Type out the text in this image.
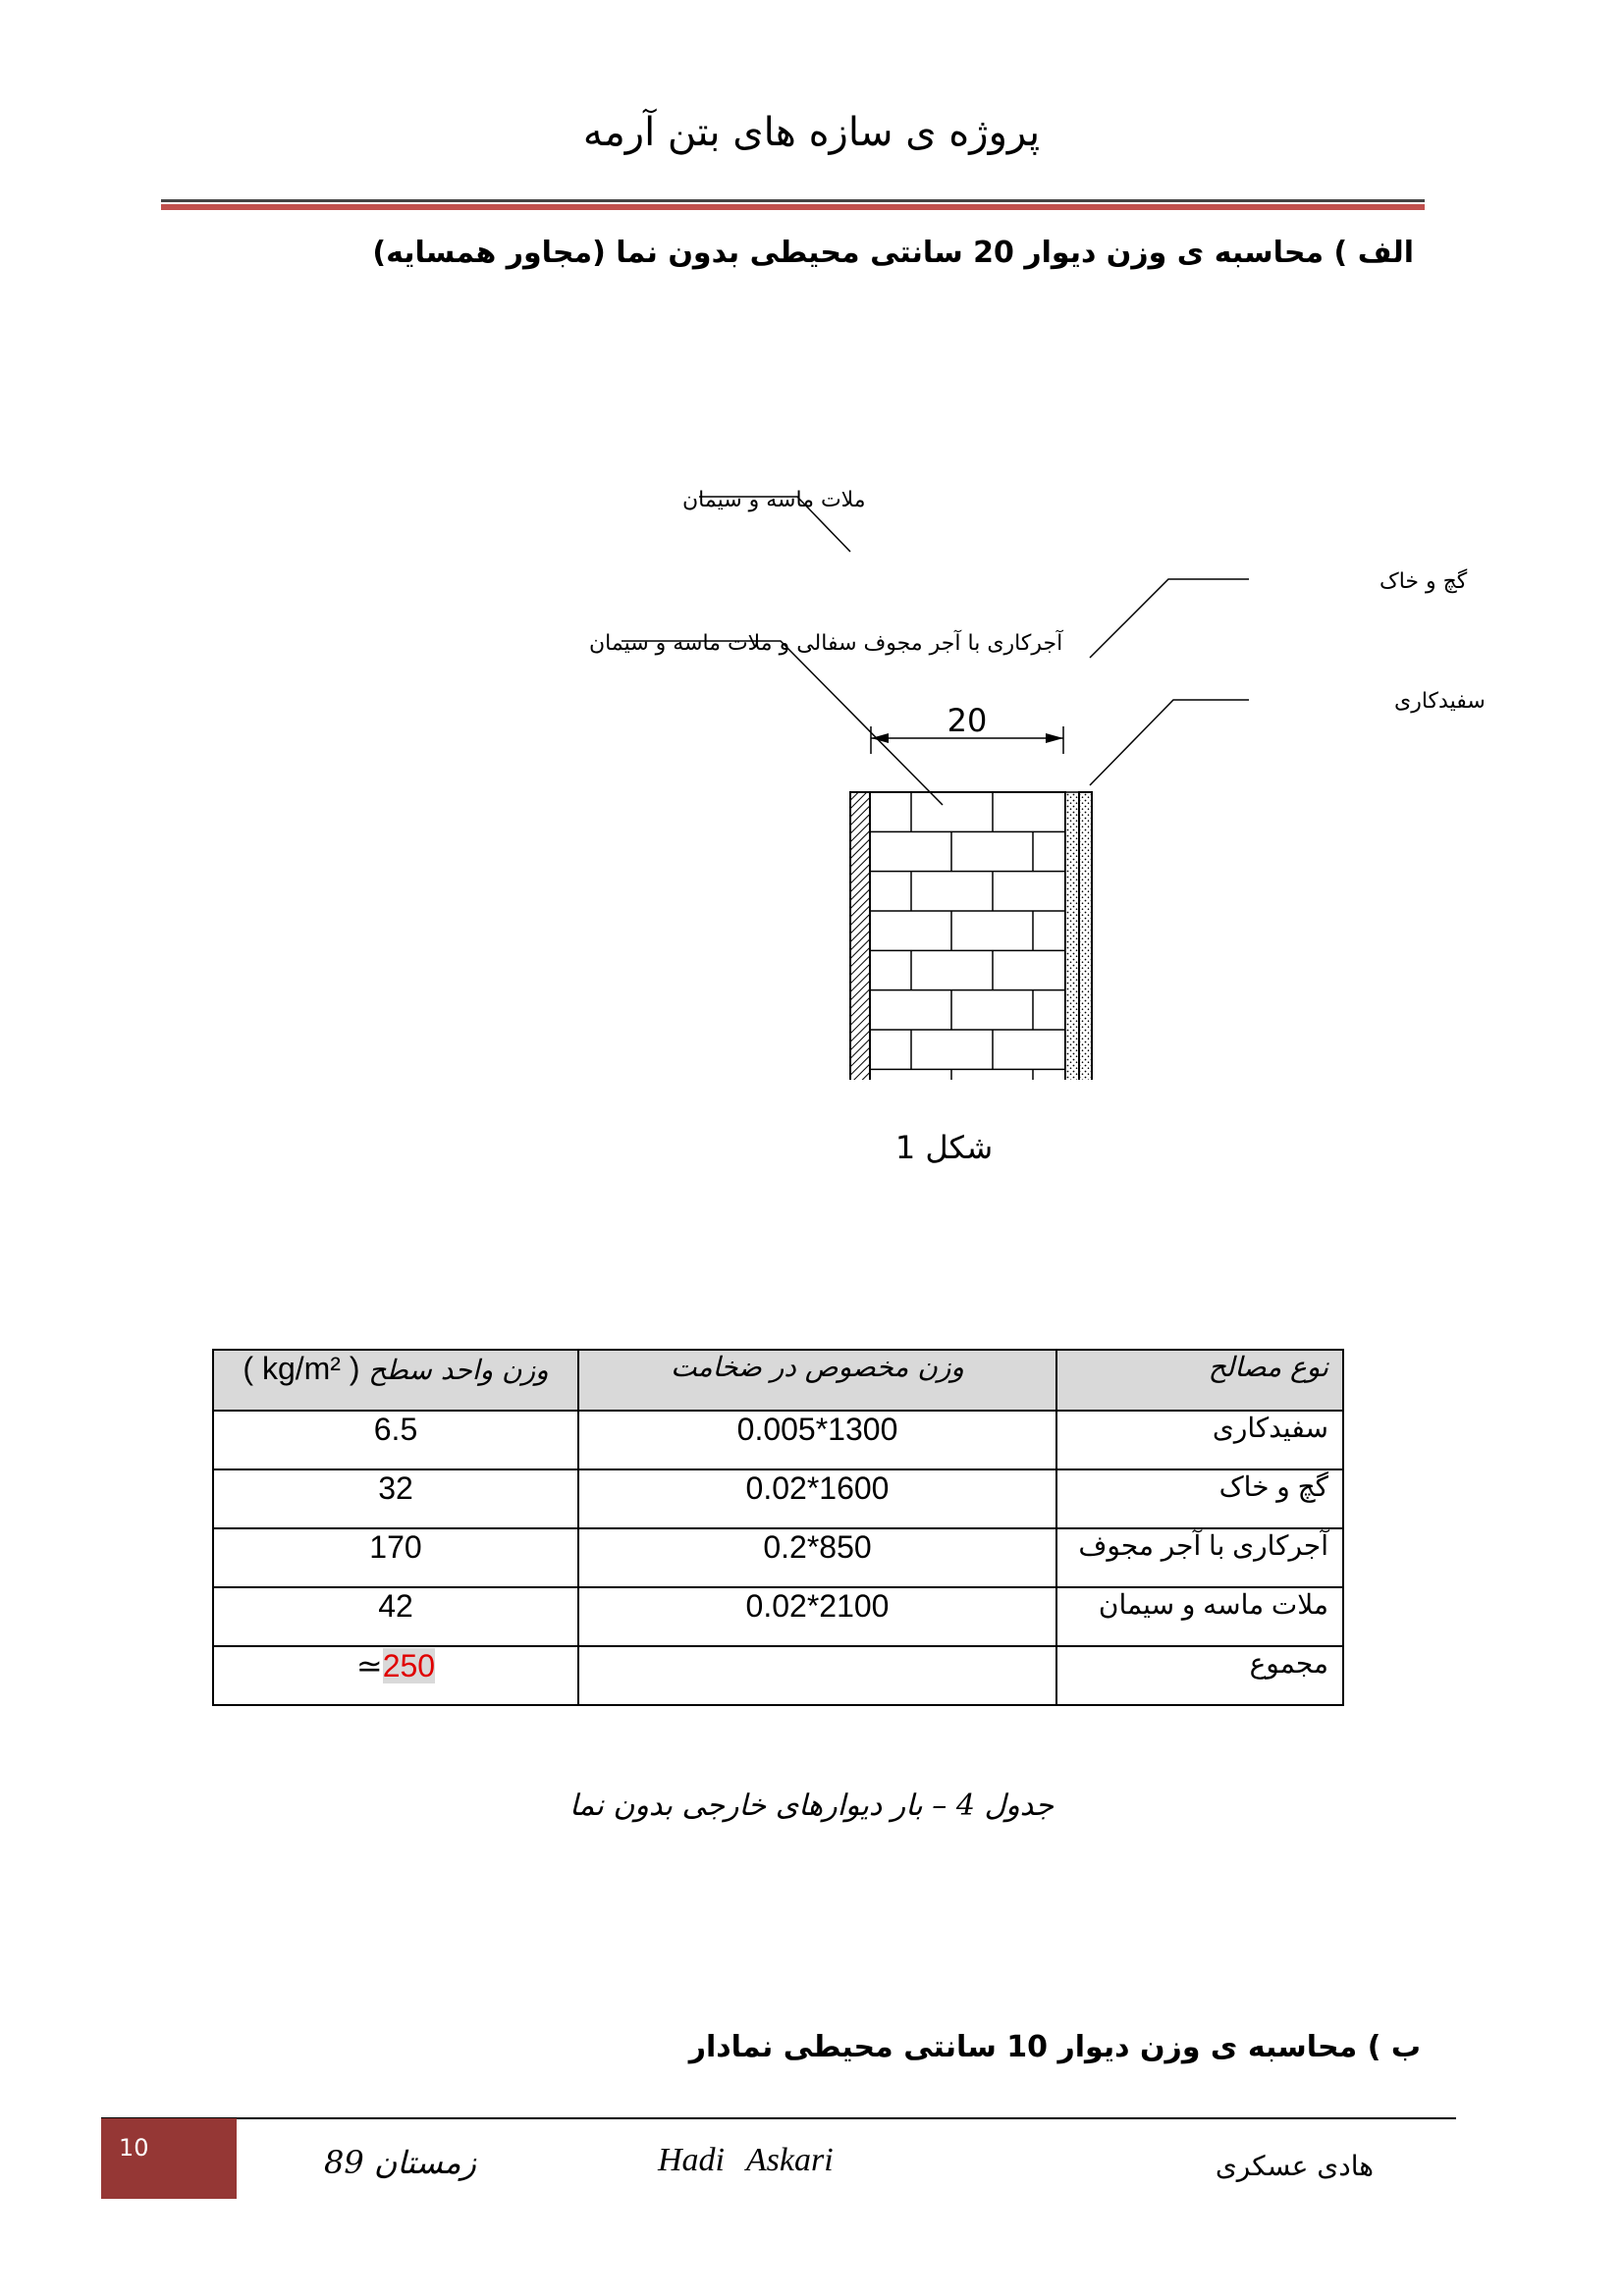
پروژه ی سازه های بتن آرمه
الف ) محاسبه ی وزن دیوار 20 سانتی محیطی بدون نما (مجاور همسایه)
20
ملات ماسه و سیمان
آجرکاری با آجر مجوف سفالی و ملات ماسه و سیمان
گچ و خاک
سفیدکاری
شکل 1
( kg/m² ) وزن واحد سطح	وزن مخصوص در ضخامت	نوع مصالح
6.5	0.005*1300	سفیدکاری
32	0.02*1600	گچ و خاک
170	0.2*850	آجرکاری با آجر مجوف
42	0.02*2100	ملات ماسه و سیمان
≃250		مجموع
جدول 4 – بار دیوارهای خارجی بدون نما
ب ) محاسبه ی وزن دیوار 10 سانتی محیطی نمادار
10	زمستان 89	Hadi Askari	هادی عسکری
